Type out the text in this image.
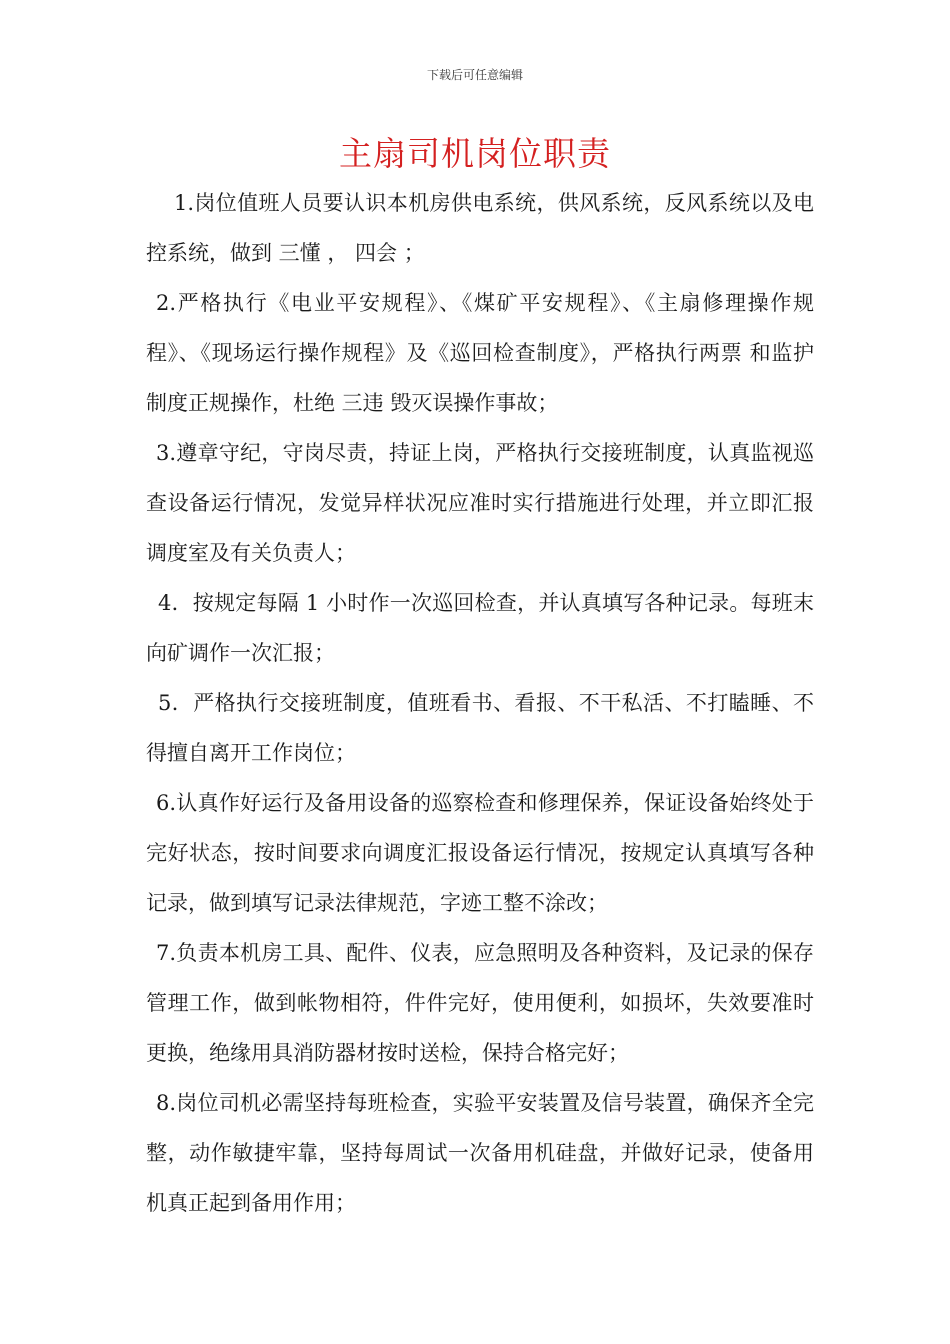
下载后可任意编辑
主扇司机岗位职责

1.岗位值班人员要认识本机房供电系统，供风系统，反风系统以及电控系统，做到 三懂 ， 四会 ；

2.严格执行《电业平安规程》、《煤矿平安规程》、《主扇修理操作规程》、《现场运行操作规程》及《巡回检查制度》，严格执行两票 和监护制度正规操作，杜绝 三违 毁灭误操作事故；

3.遵章守纪，守岗尽责，持证上岗，严格执行交接班制度，认真监视巡查设备运行情况，发觉异样状况应准时实行措施进行处理，并立即汇报调度室及有关负责人；

4．按规定每隔 1 小时作一次巡回检查，并认真填写各种记录。每班末向矿调作一次汇报；

5．严格执行交接班制度，值班看书、看报、不干私活、不打瞌睡、不得擅自离开工作岗位；

6.认真作好运行及备用设备的巡察检查和修理保养，保证设备始终处于完好状态，按时间要求向调度汇报设备运行情况，按规定认真填写各种记录，做到填写记录法律规范，字迹工整不涂改；

7.负责本机房工具、配件、仪表，应急照明及各种资料，及记录的保存管理工作，做到帐物相符，件件完好，使用便利，如损坏，失效要准时更换，绝缘用具消防器材按时送检，保持合格完好；

8.岗位司机必需坚持每班检查，实验平安装置及信号装置，确保齐全完整，动作敏捷牢靠，坚持每周试一次备用机硅盘，并做好记录，使备用机真正起到备用作用；
